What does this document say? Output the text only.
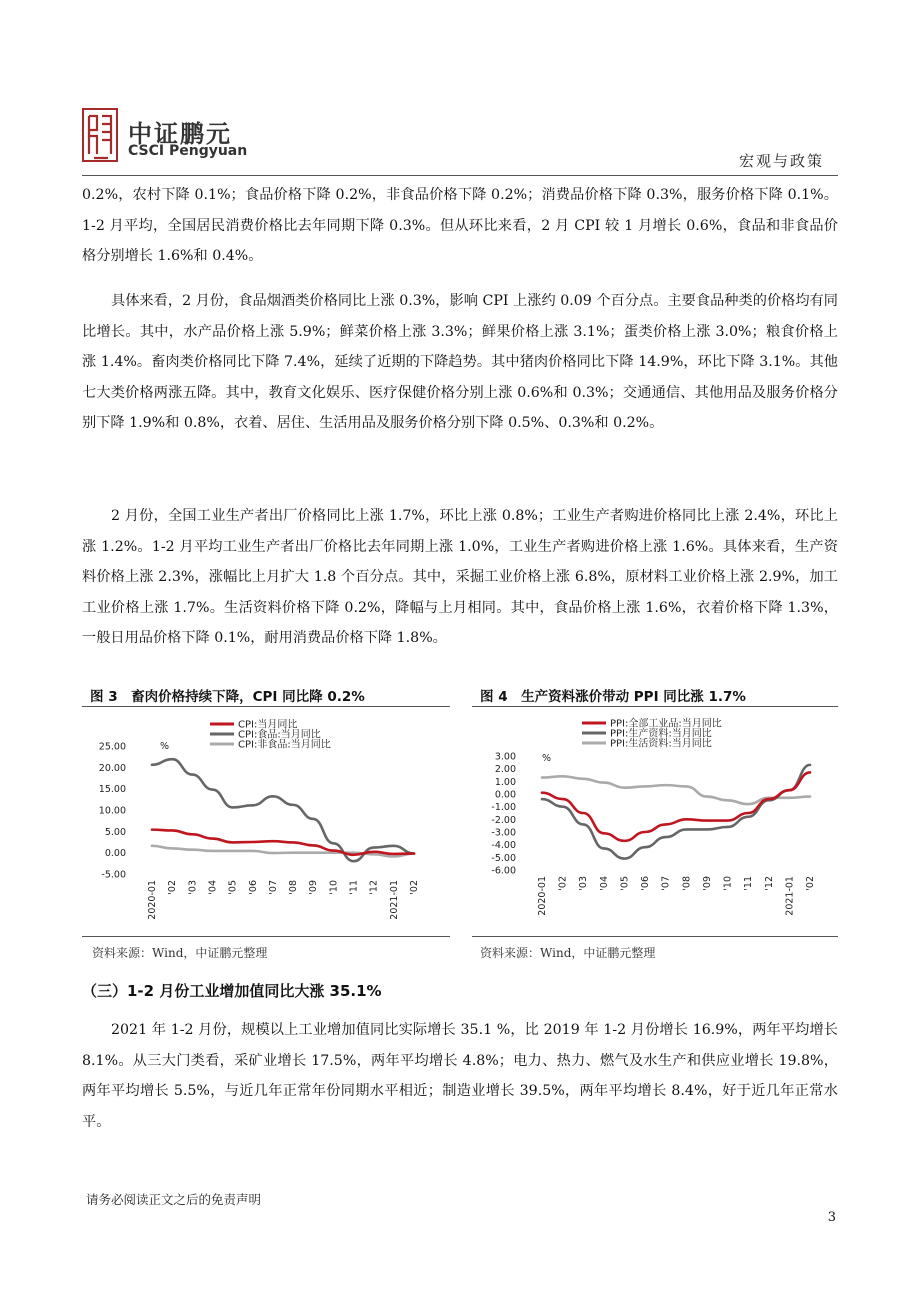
中证鹏元
CSCI Pengyuan
宏观与政策

0.2%，农村下降 0.1%；食品价格下降 0.2%，非食品价格下降 0.2%；消费品价格下降 0.3%，服务价格下降 0.1%。1-2 月平均，全国居民消费价格比去年同期下降 0.3%。但从环比来看，2 月 CPI 较 1 月增长 0.6%，食品和非食品价格分别增长 1.6%和 0.4%。

具体来看，2 月份，食品烟酒类价格同比上涨 0.3%，影响 CPI 上涨约 0.09 个百分点。主要食品种类的价格均有同比增长。其中，水产品价格上涨 5.9%；鲜菜价格上涨 3.3%；鲜果价格上涨 3.1%；蛋类价格上涨 3.0%；粮食价格上涨 1.4%。畜肉类价格同比下降 7.4%，延续了近期的下降趋势。其中猪肉价格同比下降 14.9%，环比下降 3.1%。其他七大类价格两涨五降。其中，教育文化娱乐、医疗保健价格分别上涨 0.6%和 0.3%；交通通信、其他用品及服务价格分别下降 1.9%和 0.8%，衣着、居住、生活用品及服务价格分别下降 0.5%、0.3%和 0.2%。

2 月份，全国工业生产者出厂价格同比上涨 1.7%，环比上涨 0.8%；工业生产者购进价格同比上涨 2.4%，环比上涨 1.2%。1-2 月平均工业生产者出厂价格比去年同期上涨 1.0%，工业生产者购进价格上涨 1.6%。具体来看，生产资料价格上涨 2.3%，涨幅比上月扩大 1.8 个百分点。其中，采掘工业价格上涨 6.8%，原材料工业价格上涨 2.9%，加工工业价格上涨 1.7%。生活资料价格下降 0.2%，降幅与上月相同。其中，食品价格上涨 1.6%，衣着价格下降 1.3%，一般日用品价格下降 0.1%，耐用消费品价格下降 1.8%。

图 3　畜肉价格持续下降，CPI 同比降 0.2%
CPI:当月同比
CPI:食品:当月同比
CPI:非食品:当月同比
25.00
20.00
15.00
10.00
5.00
0.00
-5.00
%
2020-01 '02 '03 '04 '05 '06 '07 '08 '09 '10 '11 '12 2021-01 '02
资料来源：Wind，中证鹏元整理
图 4　生产资料涨价带动 PPI 同比涨 1.7%
PPI:全部工业品:当月同比
PPI:生产资料:当月同比
PPI:生活资料:当月同比
3.00
2.00
1.00
0.00
-1.00
-2.00
-3.00
-4.00
-5.00
-6.00
%
2020-01 '02 '03 '04 '05 '06 '07 '08 '09 '10 '11 '12 2021-01 '02
资料来源：Wind，中证鹏元整理
（三）1-2 月份工业增加值同比大涨 35.1%

2021 年 1-2 月份，规模以上工业增加值同比实际增长 35.1 %，比 2019 年 1-2 月份增长 16.9%，两年平均增长 8.1%。从三大门类看，采矿业增长 17.5%，两年平均增长 4.8%；电力、热力、燃气及水生产和供应业增长 19.8%，两年平均增长 5.5%，与近几年正常年份同期水平相近；制造业增长 39.5%，两年平均增长 8.4%，好于近几年正常水平。

请务必阅读正文之后的免责声明
3
